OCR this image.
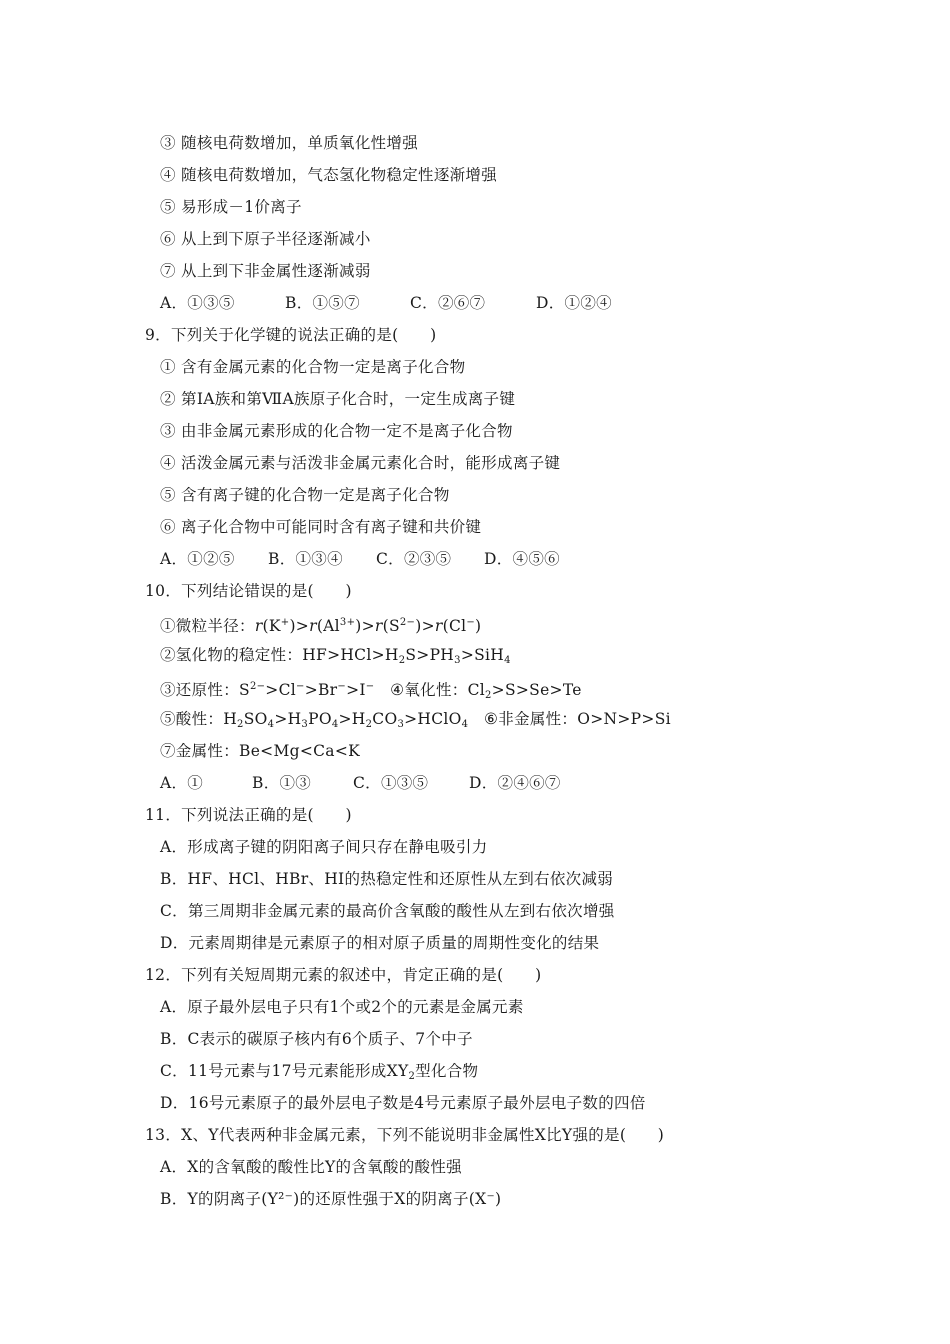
③ 随核电荷数增加，单质氧化性增强
④ 随核电荷数增加，气态氢化物稳定性逐渐增强
⑤ 易形成－1价离子
⑥ 从上到下原子半径逐渐减小
⑦ 从上到下非金属性逐渐减弱
A．①③⑤	B．①⑤⑦	C．②⑥⑦	D．①②④
9．下列关于化学键的说法正确的是(　　)
① 含有金属元素的化合物一定是离子化合物
② 第ⅠA族和第ⅦA族原子化合时，一定生成离子键
③ 由非金属元素形成的化合物一定不是离子化合物
④ 活泼金属元素与活泼非金属元素化合时，能形成离子键
⑤ 含有离子键的化合物一定是离子化合物
⑥ 离子化合物中可能同时含有离子键和共价键
A．①②⑤ B．①③④ C．②③⑤ D．④⑤⑥
10．下列结论错误的是(　　)
①微粒半径：$r(K^+)>r(Al^{3+})>r(S^{2-})>r(Cl^-)$
②氢化物的稳定性：$HF>HCl>H_2S>PH_3>SiH_4$
③还原性：$S^{2-}>Cl^->Br^->I^-$ ④氧化性：$Cl_2>S>Se>Te$
⑤酸性：$H_2SO_4>H_3PO_4>H_2CO_3>HClO_4$ ⑥非金属性：O>N>P>Si
⑦金属性：Be<Mg<Ca<K
A．①	B．①③	C．①③⑤	D．②④⑥⑦
11．下列说法正确的是(　　)
A．形成离子键的阴阳离子间只存在静电吸引力
B．HF、HCl、HBr、HI的热稳定性和还原性从左到右依次减弱
C．第三周期非金属元素的最高价含氧酸的酸性从左到右依次增强
D．元素周期律是元素原子的相对原子质量的周期性变化的结果
12．下列有关短周期元素的叙述中，肯定正确的是(　　)
A．原子最外层电子只有1个或2个的元素是金属元素
B．C表示的碳原子核内有6个质子、7个中子
C．11号元素与17号元素能形成$XY_2$型化合物
D．16号元素原子的最外层电子数是4号元素原子最外层电子数的四倍
13．X、Y代表两种非金属元素，下列不能说明非金属性X比Y强的是(　　)
A．X的含氧酸的酸性比Y的含氧酸的酸性强
B．Y的阴离子(Y²⁻)的还原性强于X的阴离子(X⁻)
